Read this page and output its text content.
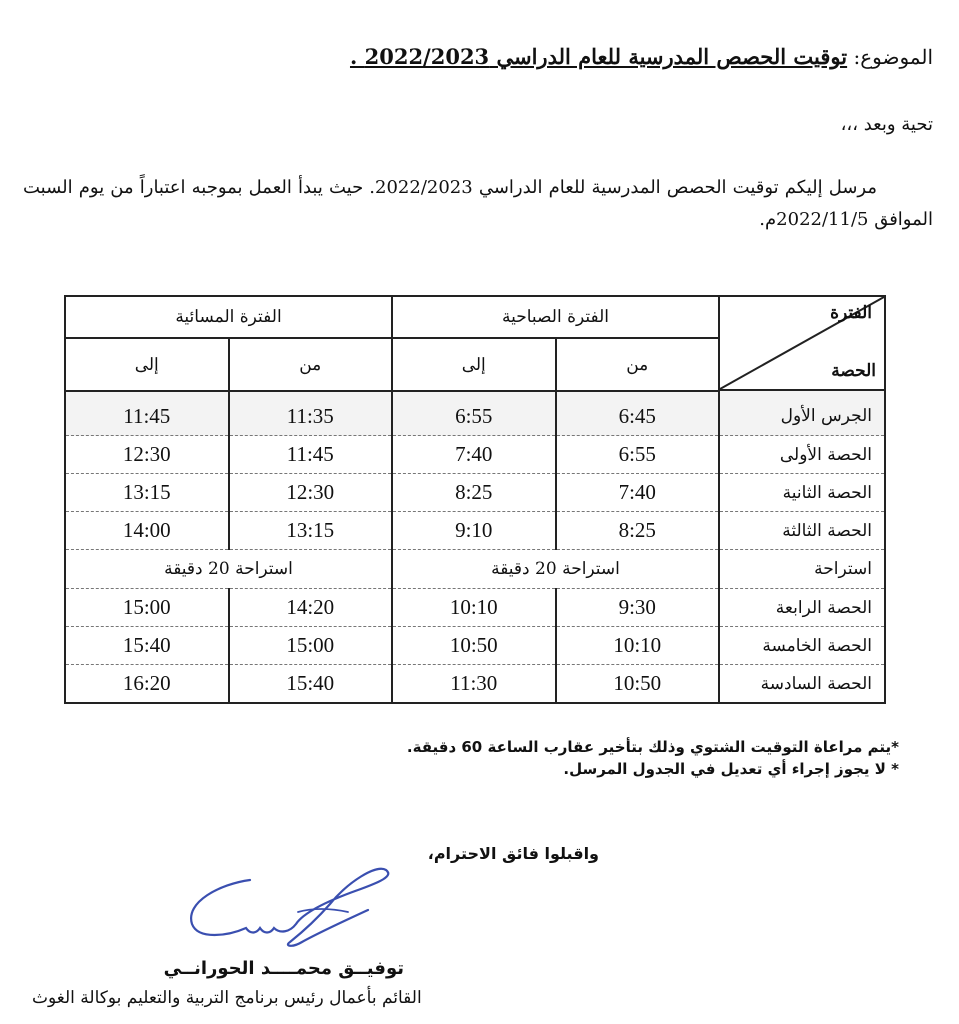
الموضوع: توقيت الحصص المدرسية للعام الدراسي 2022/2023 .
تحية وبعد ،،،
مرسل إليكم توقيت الحصص المدرسية للعام الدراسي 2022/2023. حيث يبدأ العمل بموجبه اعتباراً من يوم السبت الموافق 2022/11/5م.
الفترة
الحصة	الفترة الصباحية		الفترة المسائية	
	من	إلى	من	إلى
الجرس الأول	6:45	6:55	11:35	11:45
الحصة الأولى	6:55	7:40	11:45	12:30
الحصة الثانية	7:40	8:25	12:30	13:15
الحصة الثالثة	8:25	9:10	13:15	14:00
استراحة	استراحة 20 دقيقة		استراحة 20 دقيقة	
الحصة الرابعة	9:30	10:10	14:20	15:00
الحصة الخامسة	10:10	10:50	15:00	15:40
الحصة السادسة	10:50	11:30	15:40	16:20
*يتم مراعاة التوقيت الشتوي وذلك بتأخير عقارب الساعة 60 دقيقة.
* لا يجوز إجراء أي تعديل في الجدول المرسل.
واقبلوا فائق الاحترام،
توفيــق محمــــد الحورانــي
القائم بأعمال رئيس برنامج التربية والتعليم بوكالة الغوث
